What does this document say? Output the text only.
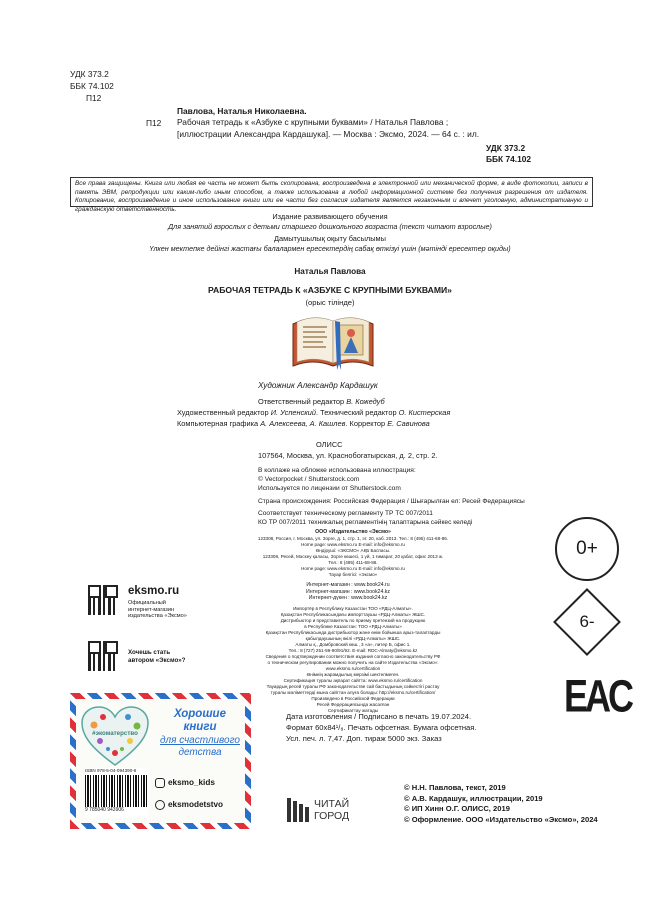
УДК 373.2
ББК 74.102
П12
П12
Павлова, Наталья Николаевна.
Рабочая тетрадь к «Азбуке с крупными буквами» / Наталья Павлова ;
[иллюстрации Александра Кардашука]. — Москва : Эксмо, 2024. — 64 с. : ил.
УДК 373.2
ББК 74.102

Все права защищены. Книга или любая ее часть не может быть скопирована, воспроизведена в электронной или механической форме, в виде фотокопии, записи в память ЭВМ, репродукции или каким-либо иным способом, а также использована в любой информационной системе без получения разрешения от издателя. Копирование, воспроизведение и иное использование книги или ее части без согласия издателя является незаконным и влечет уголовную, административную и гражданскую ответственность.

Издание развивающего обучения
Для занятий взрослых с детьми старшего дошкольного возраста (текст читают взрослые)
Дамытушылық оқыту басылымы
Үлкен мектепке дейінгі жастағы балалармен ересектердің сабақ өткізуі үшін (мәтінді ересектер оқиды)
Наталья Павлова
РАБОЧАЯ ТЕТРАДЬ К «АЗБУКЕ С КРУПНЫМИ БУКВАМИ»
(орыс тілінде)
Художник Александр Кардашук
Ответственный редактор В. Кожедуб
Художественный редактор И. Успенский. Технический редактор О. Кистерская
Компьютерная графика А. Алексеева, А. Кашлев. Корректор Е. Савинова
ОЛИСС
107564, Москва, ул. Краснобогатырская, д. 2, стр. 2.
В коллаже на обложке использована иллюстрация:
© Vectorpocket / Shutterstock.com
Используется по лицензии от Shutterstock.com
Страна происхождения: Российская Федерация / Шығарылған ел: Ресей Федерациясы
Соответствует техническому регламенту ТР ТС 007/2011
КО ТР 007/2011 техникалық регламентінің талаптарына сәйкес келеді
ООО «Издательство «Эксмо»
123308, Россия, г. Москва, ул. Зорге, д. 1, стр. 1, эт. 20, каб. 2013. Тел.: 8 (495) 411-68-86.
Home page: www.eksmo.ru E-mail: info@eksmo.ru
Өндіруші: «ЭКСМО» АҚБ Баспасы.
123308, Ресей, Мәскеу қаласы, Зорге көшесі, 1 үй, 1 ғимарат, 20 қабат, офис 2013 ж.
Тел.: 8 (495) 411-68-86.
Home page: www.eksmo.ru E-mail: info@eksmo.ru
Тауар белгісі: «Эксмо»
Интернет-магазин : www.book24.ru
Интернет-магазин : www.book24.kz
Интернет-дүкен : www.book24.kz
Импортёр в Республику Казахстан ТОО «РДЦ-Алматы».
Қазақстан Республикасындағы импорттаушы «РДЦ-Алматы» ЖШС.
Дистрибьютор и представитель по приему претензий на продукцию
в Республике Казахстан: ТОО «РДЦ-Алматы»
Қазақстан Республикасында дистрибьютор және өнім бойынша арыз-талаптарды
қабылдаушының өкілі «РДЦ-Алматы» ЖШС.
Алматы қ., Домбровский көш., 3 «а», литер Б, офис 1.
Тел.: 8 (727) 251-59-90/91/92. E-mail: RDC-Almaty@eksmo.kz
Сведения о подтверждении соответствия издания согласно законодательству РФ
о техническом регулировании можно получить на сайте Издательства «Эксмо»:
www.eksmo.ru/certification
Өнімнің жарамдылық мерзімі шектелмеген.
Сертификация туралы ақпарат сайтта: www.eksmo.ru/certification
Тауардың ресей туралы РФ законодательстве сай бастыдының сәйкестігі растау
туралы мәліметтерді мына сайттан алуға болады: http://eksmo.ru/certification/
Произведено в Российской Федерации
Ресей Федерациясында жасалған
Сертификаттау жатады
0+
6-
EAC
eksmo.ru
Официальный
интернет-магазин
издательства «Эксмо»
Хочешь стать
автором «Эксмо»?
Дата изготовления / Подписано в печать 19.07.2024.
Формат 60x84¹/₈. Печать офсетная. Бумага офсетная.
Усл. печ. л. 7,47. Доп. тираж 5000 экз. Заказ
#экоматерство
Хорошие
книги
для счастливого
детства
ISBN 978-5-04-094390-6
9 785040 943906
eksmo_kids
eksmodetstvo	ЧИТАЙ
ГОРОД
© Н.Н. Павлова, текст, 2019
© А.В. Кардашук, иллюстрации, 2019
© ИП Хинн О.Г. ОЛИСС, 2019
© Оформление. ООО «Издательство «Эксмо», 2024
